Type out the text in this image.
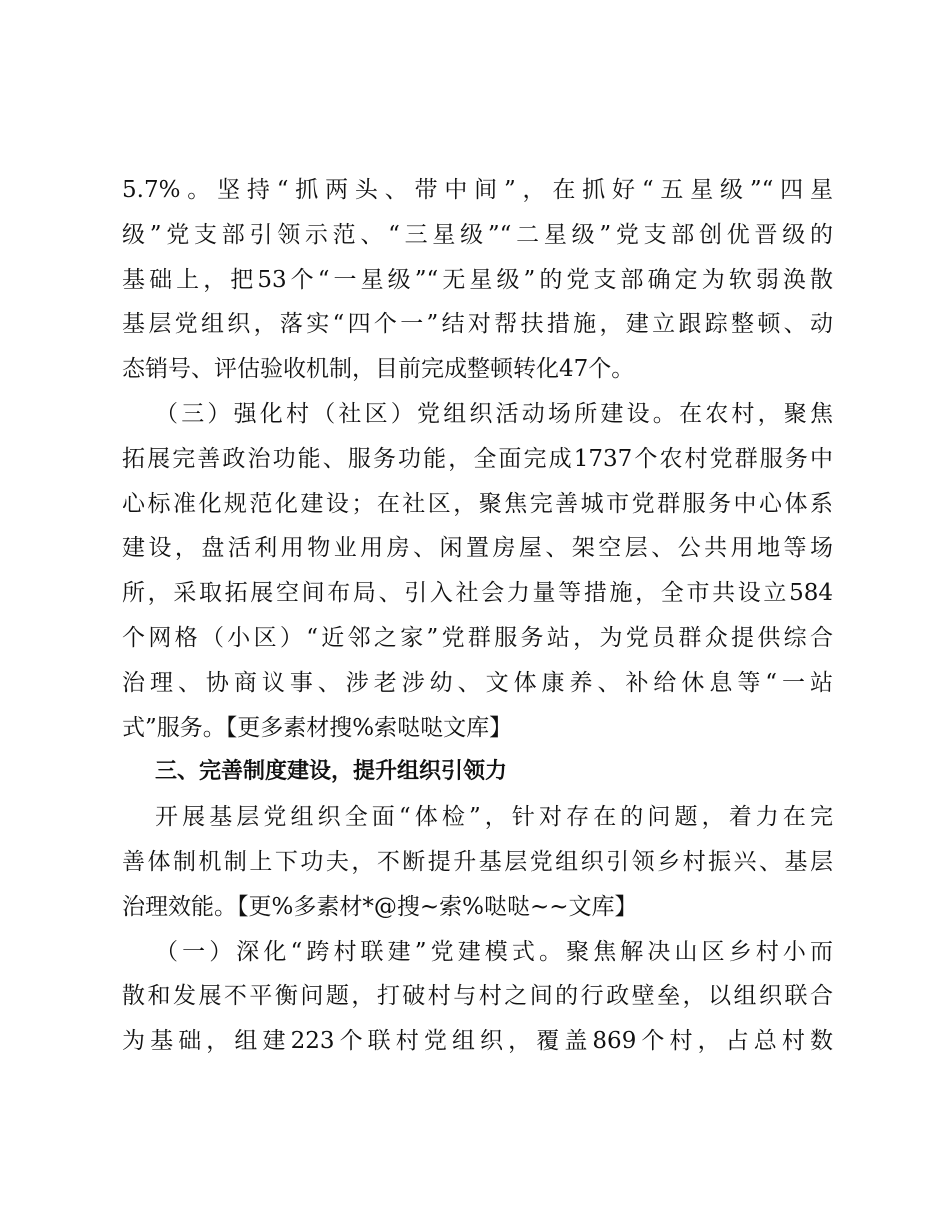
5.7%。坚持“抓两头、带中间”，在抓好“五星级”“四星
级”党支部引领示范、“三星级”“二星级”党支部创优晋级的
基础上，把53个“一星级”“无星级”的党支部确定为软弱涣散
基层党组织，落实“四个一”结对帮扶措施，建立跟踪整顿、动
态销号、评估验收机制，目前完成整顿转化47个。
（三）强化村（社区）党组织活动场所建设。在农村，聚焦
拓展完善政治功能、服务功能，全面完成1737个农村党群服务中
心标准化规范化建设；在社区，聚焦完善城市党群服务中心体系
建设，盘活利用物业用房、闲置房屋、架空层、公共用地等场
所，采取拓展空间布局、引入社会力量等措施，全市共设立584
个网格（小区）“近邻之家”党群服务站，为党员群众提供综合
治理、协商议事、涉老涉幼、文体康养、补给休息等“一站
式”服务。【更多素材搜%索哒哒文库】
三、完善制度建设，提升组织引领力
开展基层党组织全面“体检”，针对存在的问题，着力在完
善体制机制上下功夫，不断提升基层党组织引领乡村振兴、基层
治理效能。【更%多素材*@搜~索%哒哒~~文库】
（一）深化“跨村联建”党建模式。聚焦解决山区乡村小而
散和发展不平衡问题，打破村与村之间的行政壁垒，以组织联合
为基础，组建223个联村党组织，覆盖869个村，占总村数
